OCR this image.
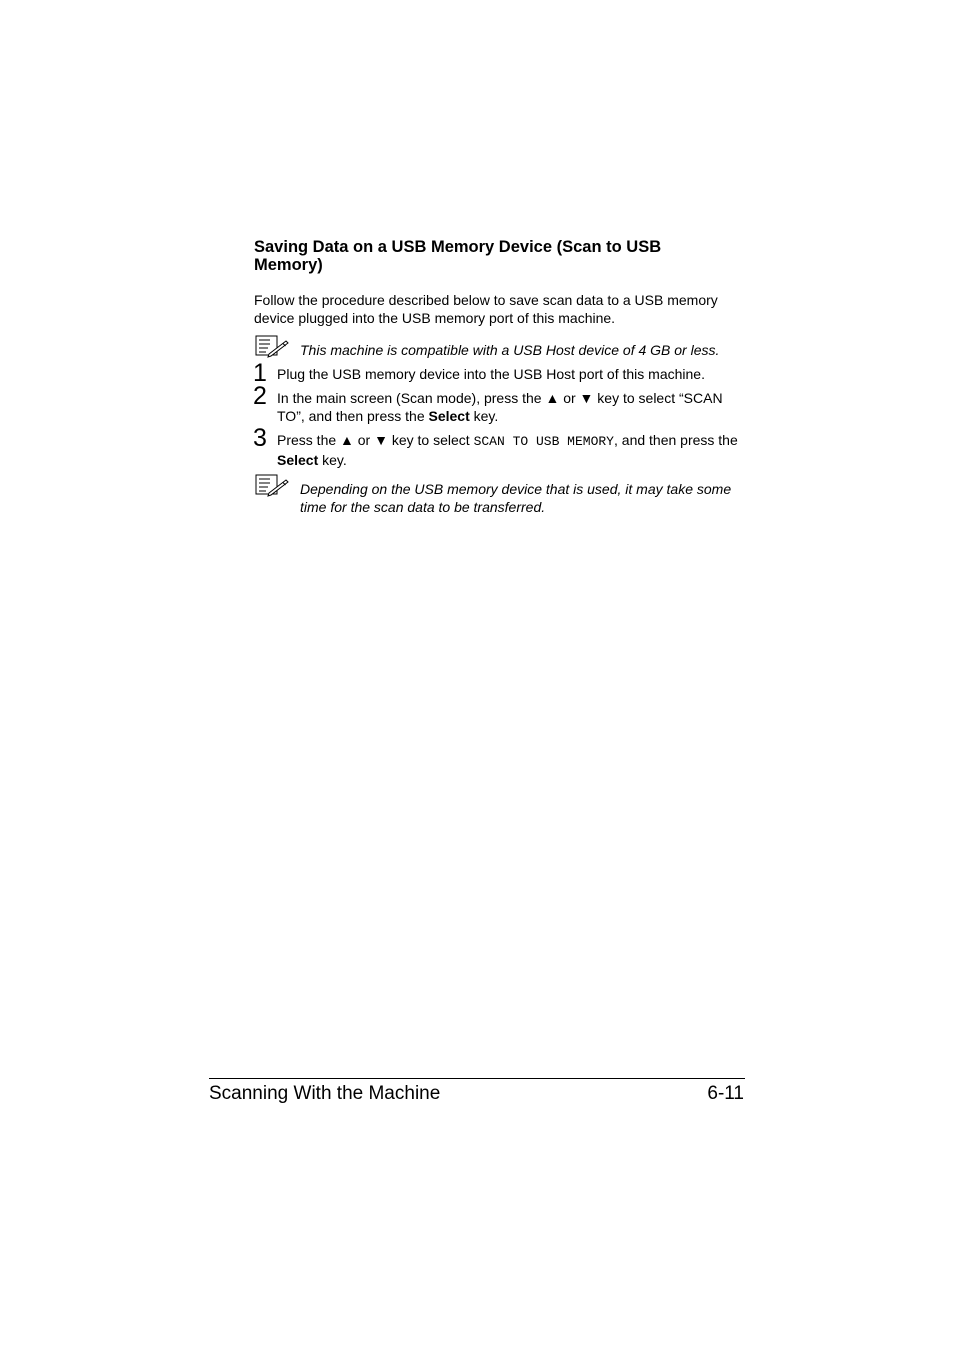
Saving Data on a USB Memory Device (Scan to USB Memory)
Follow the procedure described below to save scan data to a USB memory device plugged into the USB memory port of this machine.
This machine is compatible with a USB Host device of 4 GB or less.
1 Plug the USB memory device into the USB Host port of this machine.
2 In the main screen (Scan mode), press the ▲ or ▼ key to select “SCAN TO”, and then press the Select key.
3 Press the ▲ or ▼ key to select SCAN TO USB MEMORY, and then press the Select key.
Depending on the USB memory device that is used, it may take some time for the scan data to be transferred.
Scanning With the Machine	6-11
